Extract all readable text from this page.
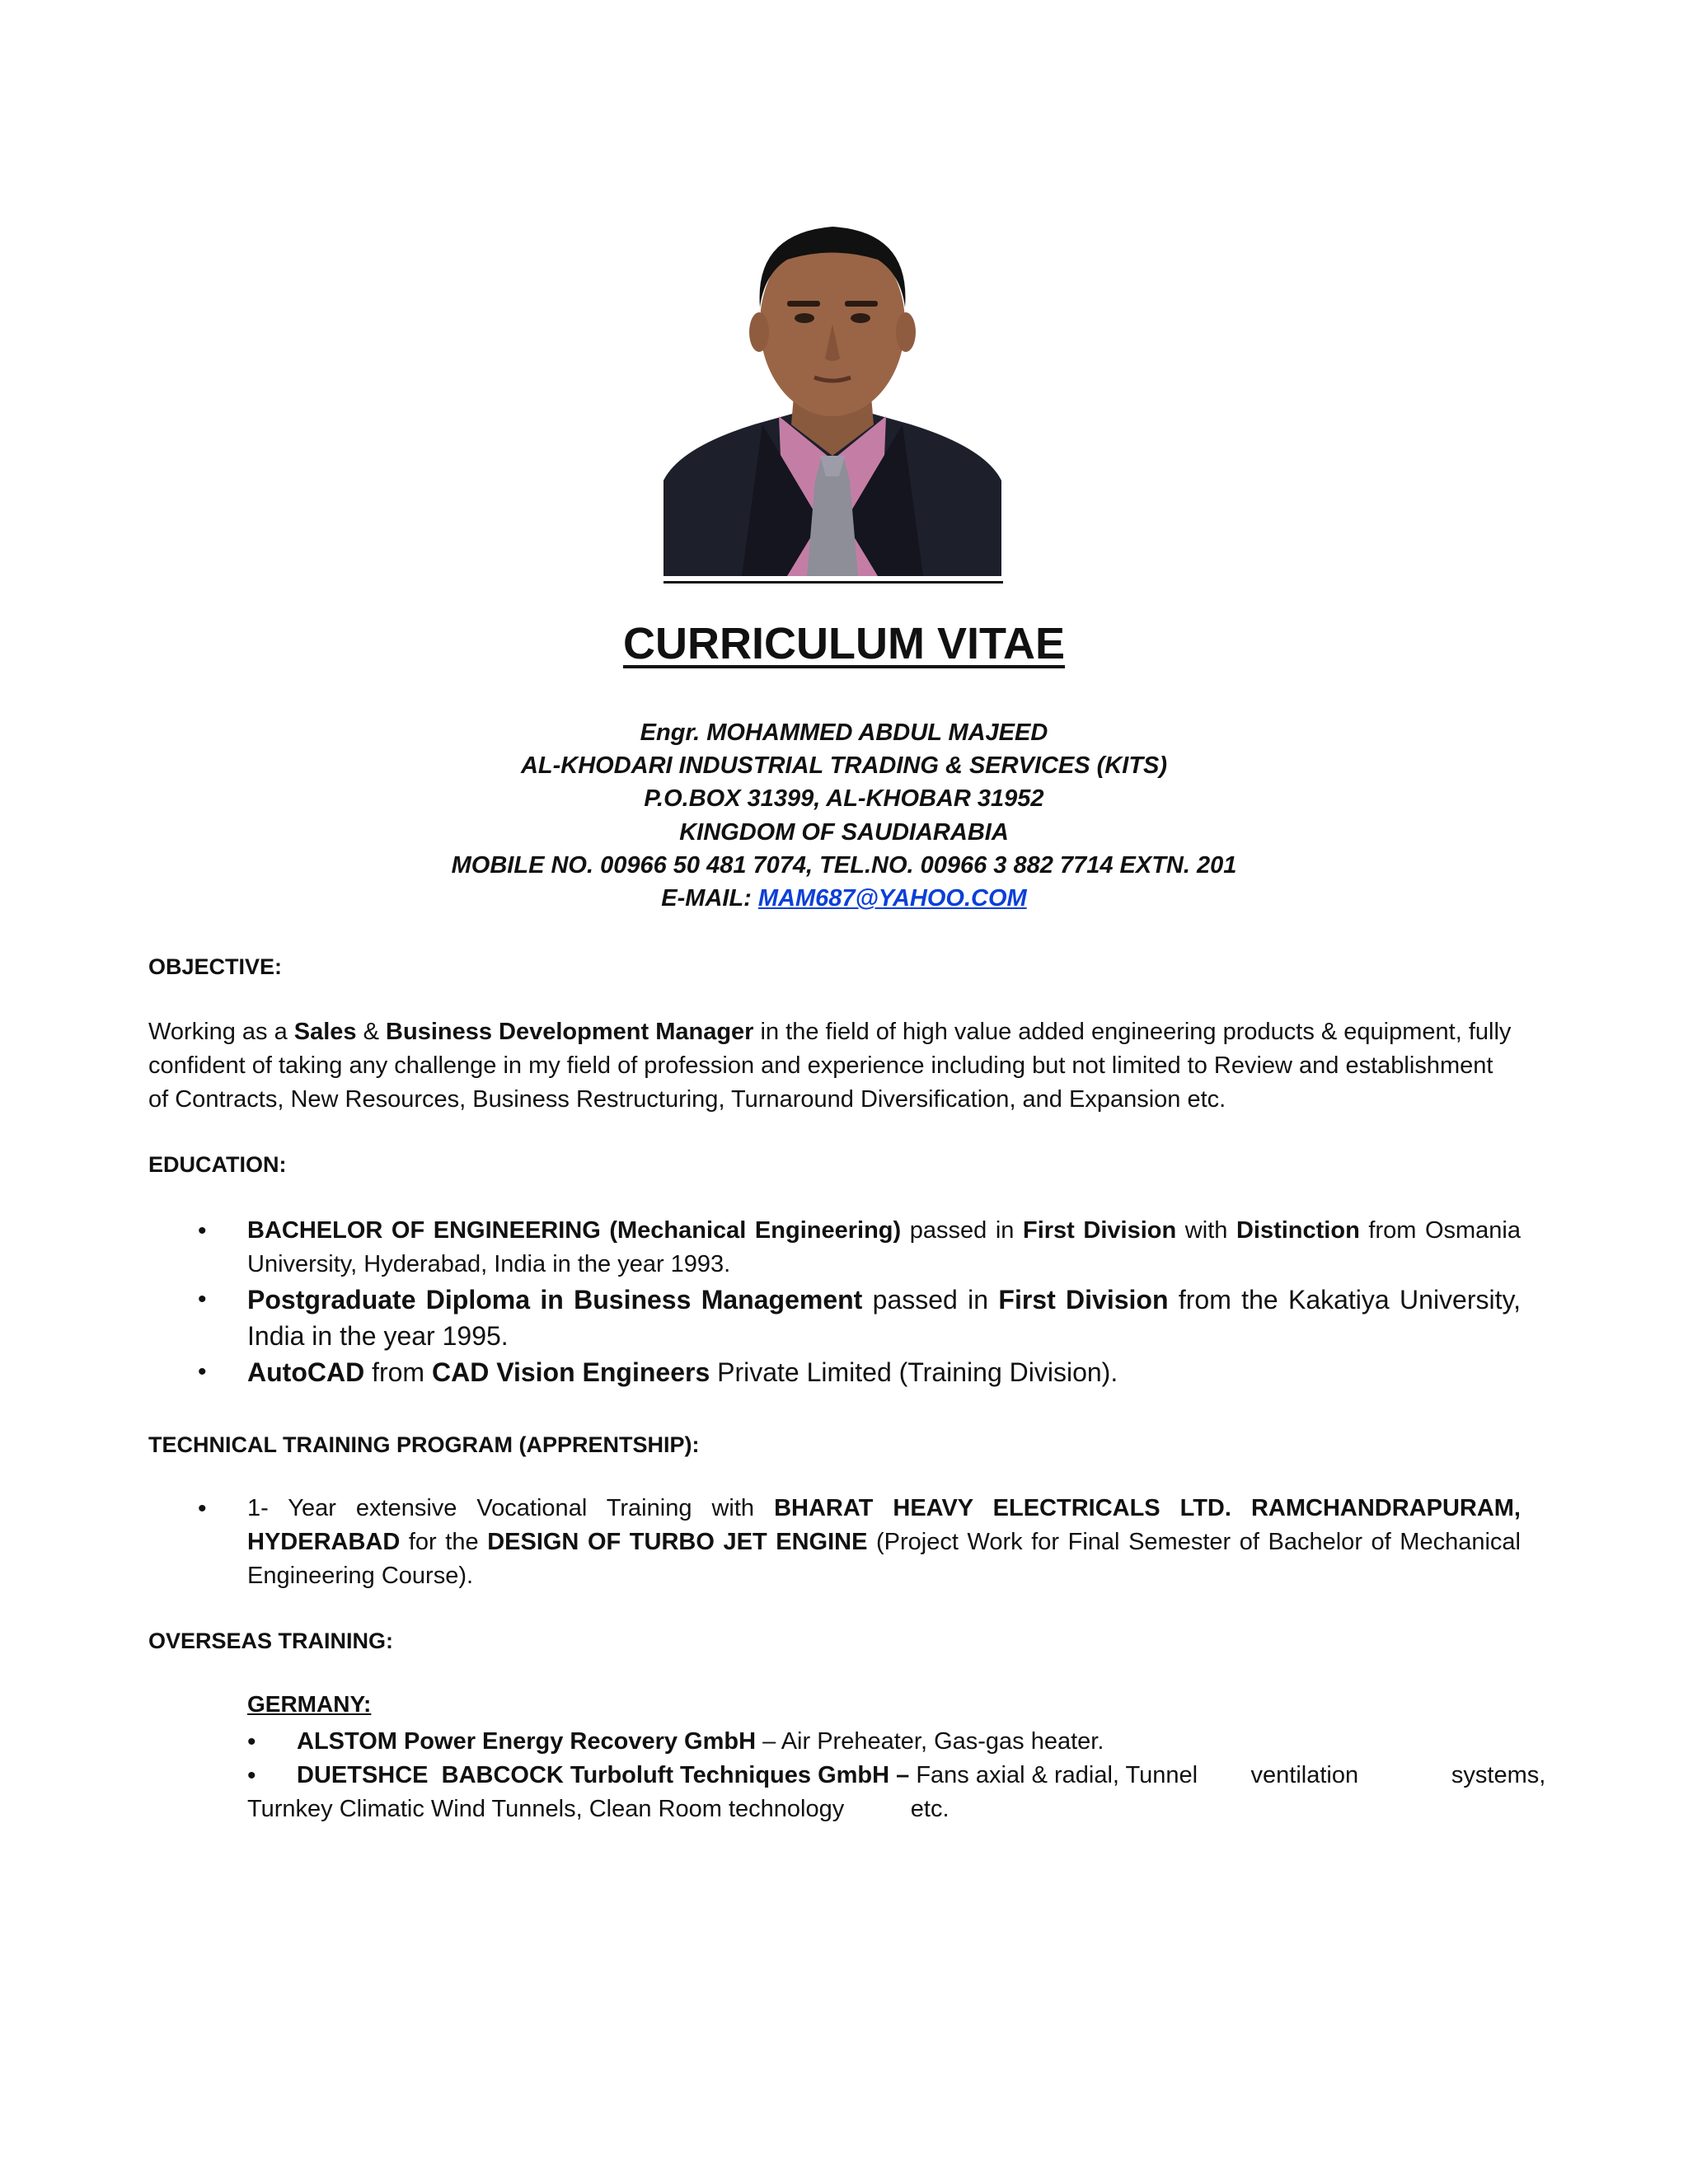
CURRICULUM VITAE
Engr. MOHAMMED ABDUL MAJEED
AL-KHODARI INDUSTRIAL TRADING & SERVICES (KITS)
P.O.BOX 31399, AL-KHOBAR 31952
KINGDOM OF SAUDIARABIA
MOBILE NO. 00966 50 481 7074, TEL.NO. 00966 3 882 7714 EXTN. 201
E-MAIL: MAM687@YAHOO.COM
OBJECTIVE:
Working as a Sales & Business Development Manager in the field of high value added engineering products & equipment, fully confident of taking any challenge in my field of profession and experience including but not limited to Review and establishment of Contracts, New Resources, Business Restructuring, Turnaround Diversification, and Expansion etc.
EDUCATION:
• BACHELOR OF ENGINEERING (Mechanical Engineering) passed in First Division with Distinction from Osmania University, Hyderabad, India in the year 1993.
• Postgraduate Diploma in Business Management passed in First Division from the Kakatiya University, India in the year 1995.
• AutoCAD from CAD Vision Engineers Private Limited (Training Division).
TECHNICAL TRAINING PROGRAM (APPRENTSHIP):
• 1- Year extensive Vocational Training with BHARAT HEAVY ELECTRICALS LTD. RAMCHANDRAPURAM, HYDERABAD for the DESIGN OF TURBO JET ENGINE (Project Work for Final Semester of Bachelor of Mechanical Engineering Course).
OVERSEAS TRAINING:
GERMANY:
•	ALSTOM Power Energy Recovery GmbH – Air Preheater, Gas-gas heater.
•	DUETSHCE  BABCOCK Turboluft Techniques GmbH – Fans axial & radial, Tunnel        ventilation              systems,
Turnkey Climatic Wind Tunnels, Clean Room technology          etc.
